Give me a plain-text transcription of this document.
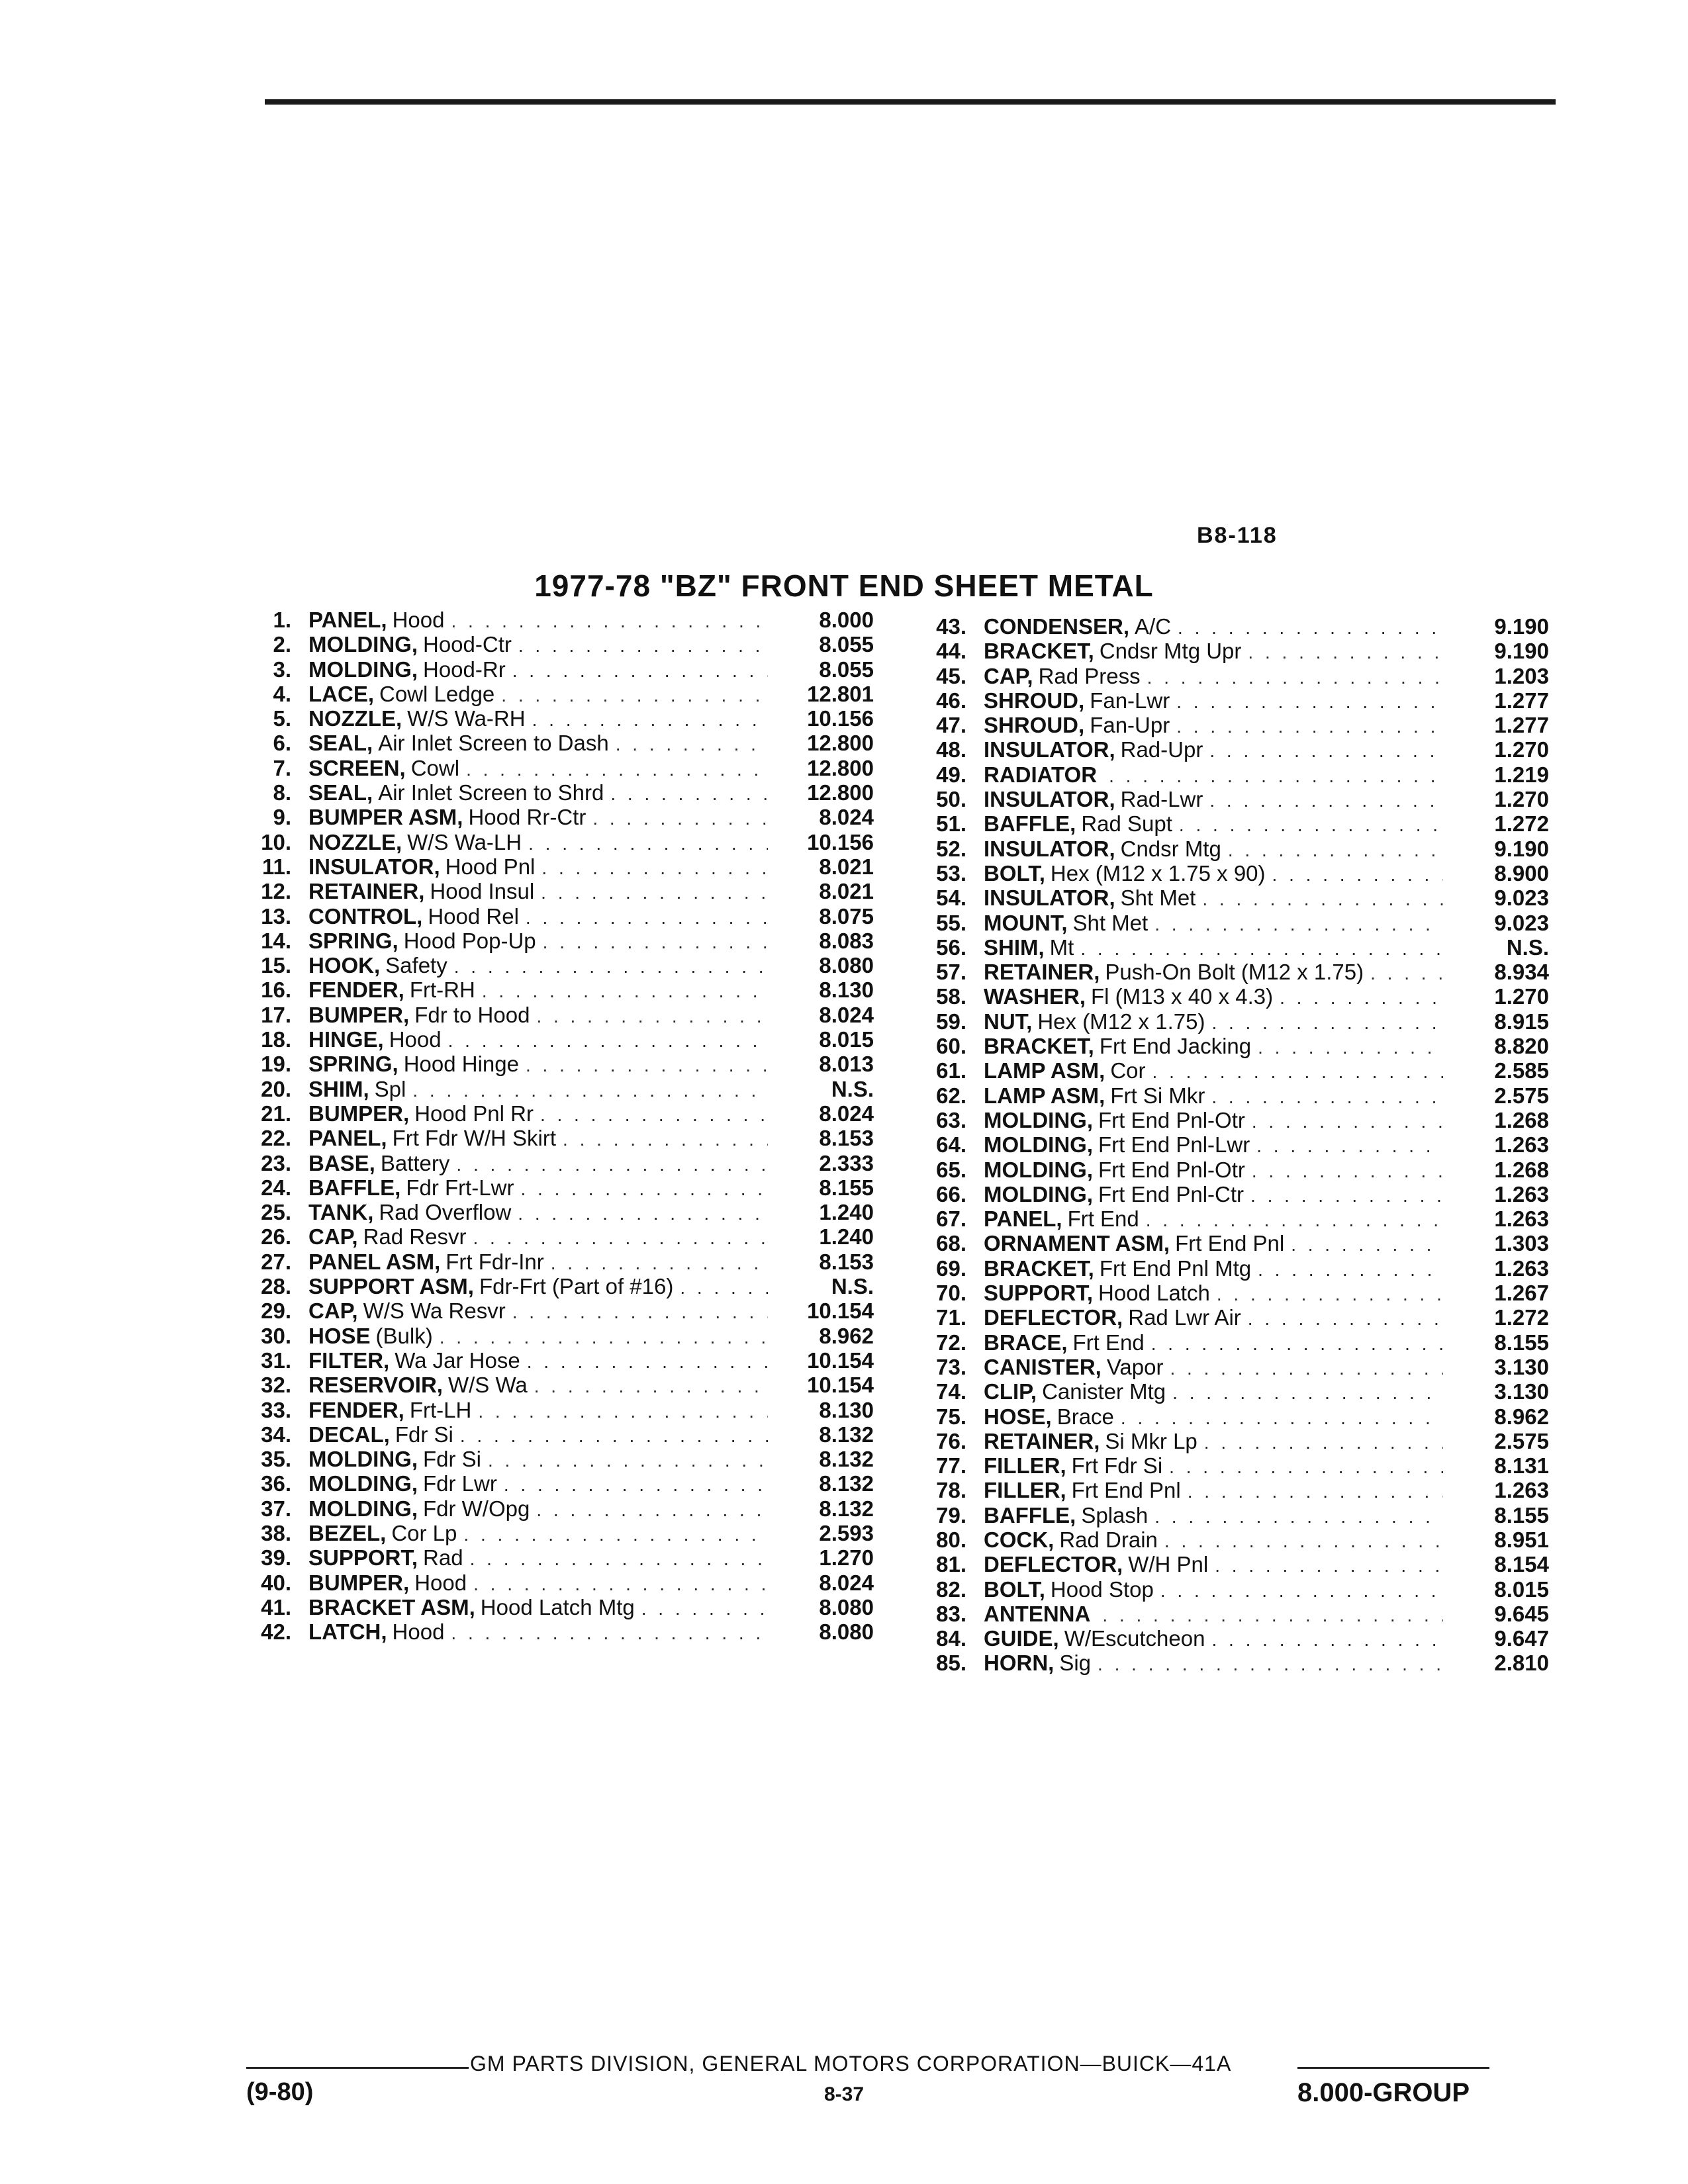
B8-118
1977-78 "BZ" FRONT END SHEET METAL
1. PANEL, Hood . . .	8.000
2. MOLDING, Hood-Ctr . . .	8.055
3. MOLDING, Hood-Rr . . .	8.055
4. LACE, Cowl Ledge . . .	12.801
5. NOZZLE, W/S Wa-RH . . .	10.156
6. SEAL, Air Inlet Screen to Dash . . .	12.800
7. SCREEN, Cowl . . .	12.800
8. SEAL, Air Inlet Screen to Shrd . . .	12.800
9. BUMPER ASM, Hood Rr-Ctr . . .	8.024
10. NOZZLE, W/S Wa-LH . . .	10.156
11. INSULATOR, Hood Pnl . . .	8.021
12. RETAINER, Hood Insul . . .	8.021
13. CONTROL, Hood Rel . . .	8.075
14. SPRING, Hood Pop-Up . . .	8.083
15. HOOK, Safety . . .	8.080
16. FENDER, Frt-RH . . .	8.130
17. BUMPER, Fdr to Hood . . .	8.024
18. HINGE, Hood . . .	8.015
19. SPRING, Hood Hinge . . .	8.013
20. SHIM, Spl . . .	N.S.
21. BUMPER, Hood Pnl Rr . . .	8.024
22. PANEL, Frt Fdr W/H Skirt . . .	8.153
23. BASE, Battery . . .	2.333
24. BAFFLE, Fdr Frt-Lwr . . .	8.155
25. TANK, Rad Overflow . . .	1.240
26. CAP, Rad Resvr . . .	1.240
27. PANEL ASM, Frt Fdr-Inr . . .	8.153
28. SUPPORT ASM, Fdr-Frt (Part of #16) . . .	N.S.
29. CAP, W/S Wa Resvr . . .	10.154
30. HOSE (Bulk) . . .	8.962
31. FILTER, Wa Jar Hose . . .	10.154
32. RESERVOIR, W/S Wa . . .	10.154
33. FENDER, Frt-LH . . .	8.130
34. DECAL, Fdr Si . . .	8.132
35. MOLDING, Fdr Si . . .	8.132
36. MOLDING, Fdr Lwr . . .	8.132
37. MOLDING, Fdr W/Opg . . .	8.132
38. BEZEL, Cor Lp . . .	2.593
39. SUPPORT, Rad . . .	1.270
40. BUMPER, Hood . . .	8.024
41. BRACKET ASM, Hood Latch Mtg . . .	8.080
42. LATCH, Hood . . .	8.080
43. CONDENSER, A/C . . .	9.190
44. BRACKET, Cndsr Mtg Upr . . .	9.190
45. CAP, Rad Press . . .	1.203
46. SHROUD, Fan-Lwr . . .	1.277
47. SHROUD, Fan-Upr . . .	1.277
48. INSULATOR, Rad-Upr . . .	1.270
49. RADIATOR . . .	1.219
50. INSULATOR, Rad-Lwr . . .	1.270
51. BAFFLE, Rad Supt . . .	1.272
52. INSULATOR, Cndsr Mtg . . .	9.190
53. BOLT, Hex (M12 x 1.75 x 90) . . .	8.900
54. INSULATOR, Sht Met . . .	9.023
55. MOUNT, Sht Met . . .	9.023
56. SHIM, Mt . . .	N.S.
57. RETAINER, Push-On Bolt (M12 x 1.75) . . .	8.934
58. WASHER, Fl (M13 x 40 x 4.3) . . .	1.270
59. NUT, Hex (M12 x 1.75) . . .	8.915
60. BRACKET, Frt End Jacking . . .	8.820
61. LAMP ASM, Cor . . .	2.585
62. LAMP ASM, Frt Si Mkr . . .	2.575
63. MOLDING, Frt End Pnl-Otr . . .	1.268
64. MOLDING, Frt End Pnl-Lwr . . .	1.263
65. MOLDING, Frt End Pnl-Otr . . .	1.268
66. MOLDING, Frt End Pnl-Ctr . . .	1.263
67. PANEL, Frt End . . .	1.263
68. ORNAMENT ASM, Frt End Pnl . . .	1.303
69. BRACKET, Frt End Pnl Mtg . . .	1.263
70. SUPPORT, Hood Latch . . .	1.267
71. DEFLECTOR, Rad Lwr Air . . .	1.272
72. BRACE, Frt End . . .	8.155
73. CANISTER, Vapor . . .	3.130
74. CLIP, Canister Mtg . . .	3.130
75. HOSE, Brace . . .	8.962
76. RETAINER, Si Mkr Lp . . .	2.575
77. FILLER, Frt Fdr Si . . .	8.131
78. FILLER, Frt End Pnl . . .	1.263
79. BAFFLE, Splash . . .	8.155
80. COCK, Rad Drain . . .	8.951
81. DEFLECTOR, W/H Pnl . . .	8.154
82. BOLT, Hood Stop . . .	8.015
83. ANTENNA . . .	9.645
84. GUIDE, W/Escutcheon . . .	9.647
85. HORN, Sig . . .	2.810
GM PARTS DIVISION, GENERAL MOTORS CORPORATION—BUICK—41A
(9-80)	8-37	8.000-GROUP
